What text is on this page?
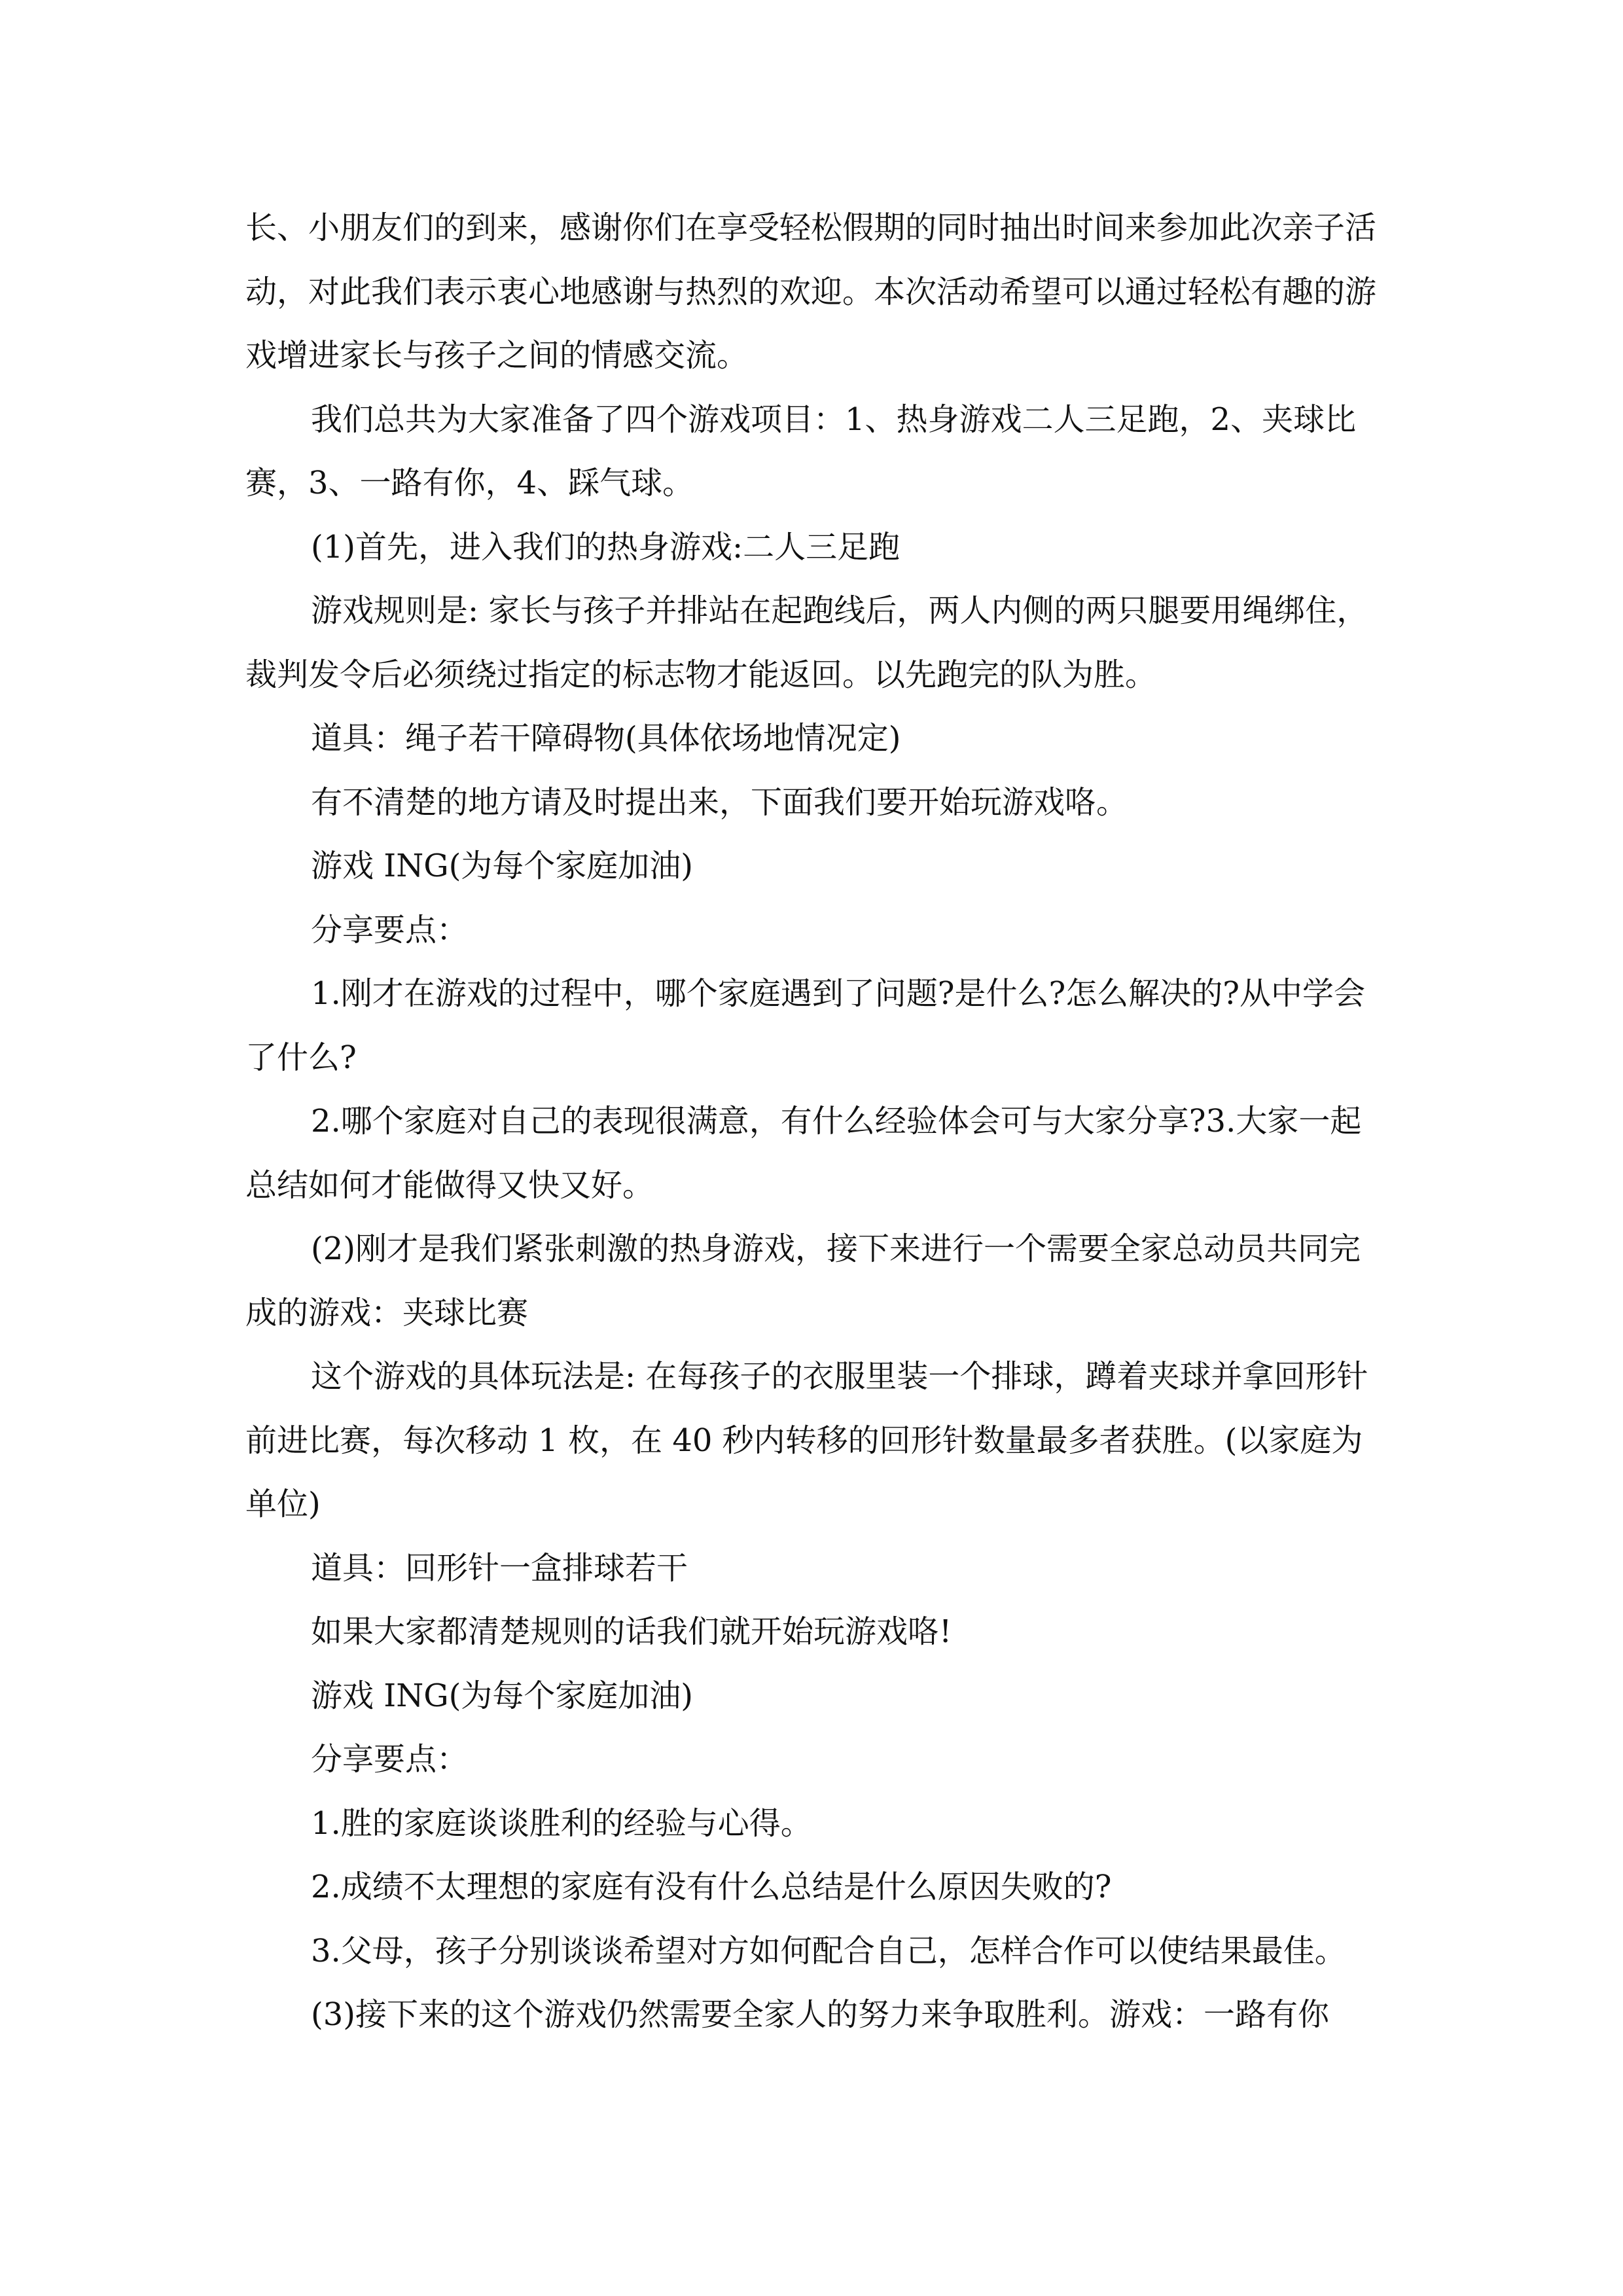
长、小朋友们的到来，感谢你们在享受轻松假期的同时抽出时间来参加此次亲子活动，对此我们表示衷心地感谢与热烈的欢迎。本次活动希望可以通过轻松有趣的游戏增进家长与孩子之间的情感交流。

我们总共为大家准备了四个游戏项目：1、热身游戏二人三足跑，2、夹球比赛，3、一路有你，4、踩气球。

(1)首先，进入我们的热身游戏:二人三足跑

游戏规则是: 家长与孩子并排站在起跑线后，两人内侧的两只腿要用绳绑住，裁判发令后必须绕过指定的标志物才能返回。以先跑完的队为胜。

道具：绳子若干障碍物(具体依场地情况定)

有不清楚的地方请及时提出来，下面我们要开始玩游戏咯。

游戏 ING(为每个家庭加油)

分享要点：

1.刚才在游戏的过程中，哪个家庭遇到了问题?是什么?怎么解决的?从中学会了什么?

2.哪个家庭对自己的表现很满意，有什么经验体会可与大家分享?3.大家一起总结如何才能做得又快又好。

(2)刚才是我们紧张刺激的热身游戏，接下来进行一个需要全家总动员共同完成的游戏：夹球比赛

这个游戏的具体玩法是: 在每孩子的衣服里装一个排球，蹲着夹球并拿回形针前进比赛，每次移动 1 枚，在 40 秒内转移的回形针数量最多者获胜。(以家庭为单位)

道具：回形针一盒排球若干

如果大家都清楚规则的话我们就开始玩游戏咯!

游戏 ING(为每个家庭加油)

分享要点：

1.胜的家庭谈谈胜利的经验与心得。

2.成绩不太理想的家庭有没有什么总结是什么原因失败的?

3.父母，孩子分别谈谈希望对方如何配合自己，怎样合作可以使结果最佳。

(3)接下来的这个游戏仍然需要全家人的努力来争取胜利。游戏：一路有你
